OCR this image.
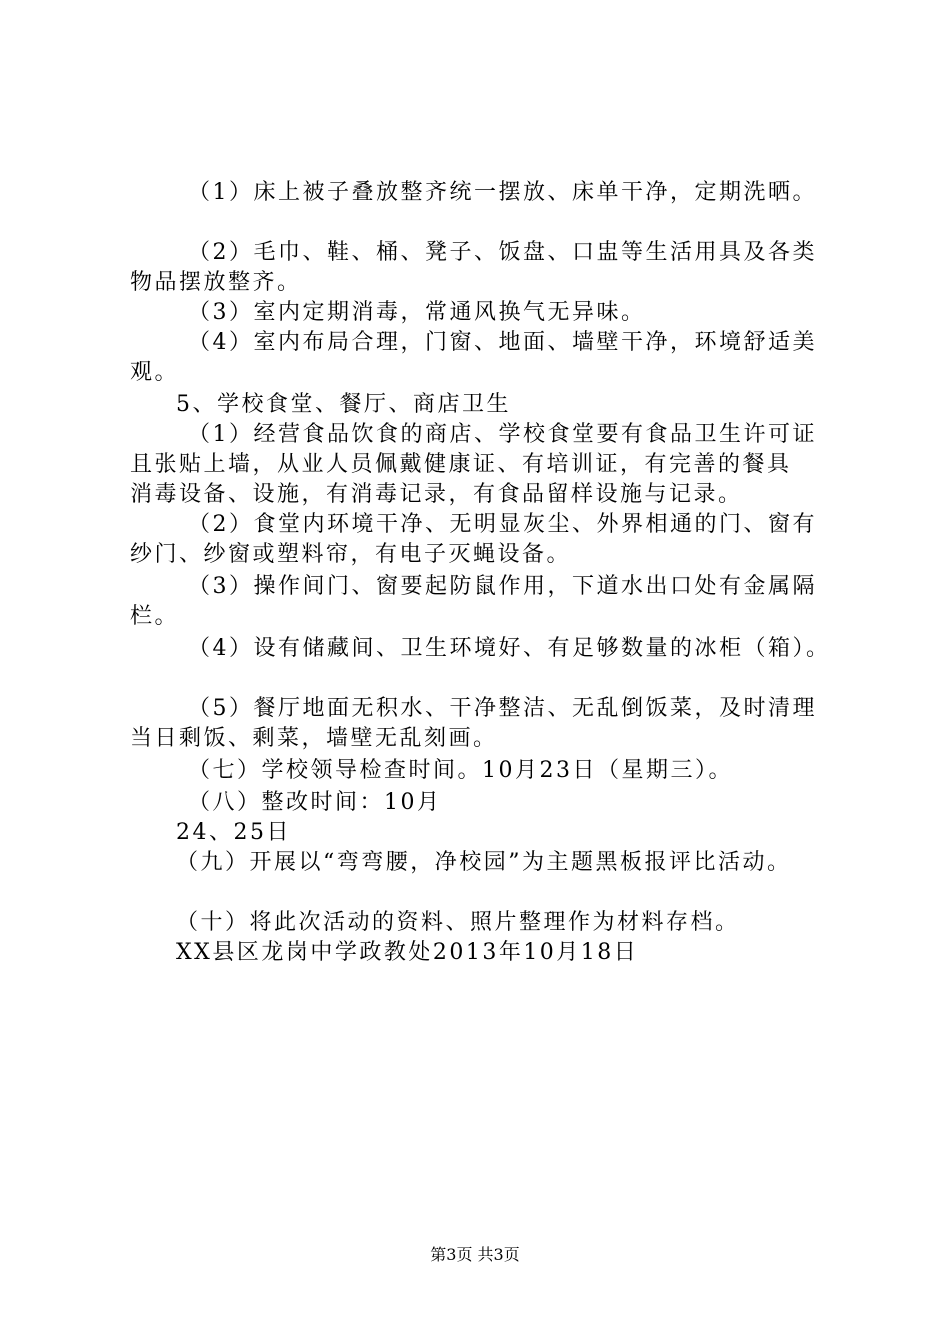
（1）床上被子叠放整齐统一摆放、床单干净，定期洗晒。
（2）毛巾、鞋、桶、凳子、饭盘、口盅等生活用具及各类
物品摆放整齐。
（3）室内定期消毒，常通风换气无异味。
（4）室内布局合理，门窗、地面、墙壁干净，环境舒适美
观。
5、学校食堂、餐厅、商店卫生
（1）经营食品饮食的商店、学校食堂要有食品卫生许可证
且张贴上墙，从业人员佩戴健康证、有培训证，有完善的餐具
消毒设备、设施，有消毒记录，有食品留样设施与记录。
（2）食堂内环境干净、无明显灰尘、外界相通的门、窗有
纱门、纱窗或塑料帘，有电子灭蝇设备。
（3）操作间门、窗要起防鼠作用，下道水出口处有金属隔
栏。
（4）设有储藏间、卫生环境好、有足够数量的冰柜（箱）。
（5）餐厅地面无积水、干净整洁、无乱倒饭菜，及时清理
当日剩饭、剩菜，墙壁无乱刻画。
（七）学校领导检查时间。10月23日（星期三）。
（八）整改时间：10月
24、25日
（九）开展以“弯弯腰，净校园”为主题黑板报评比活动。
（十）将此次活动的资料、照片整理作为材料存档。
XX县区龙岗中学政教处2013年10月18日
第3页 共3页
